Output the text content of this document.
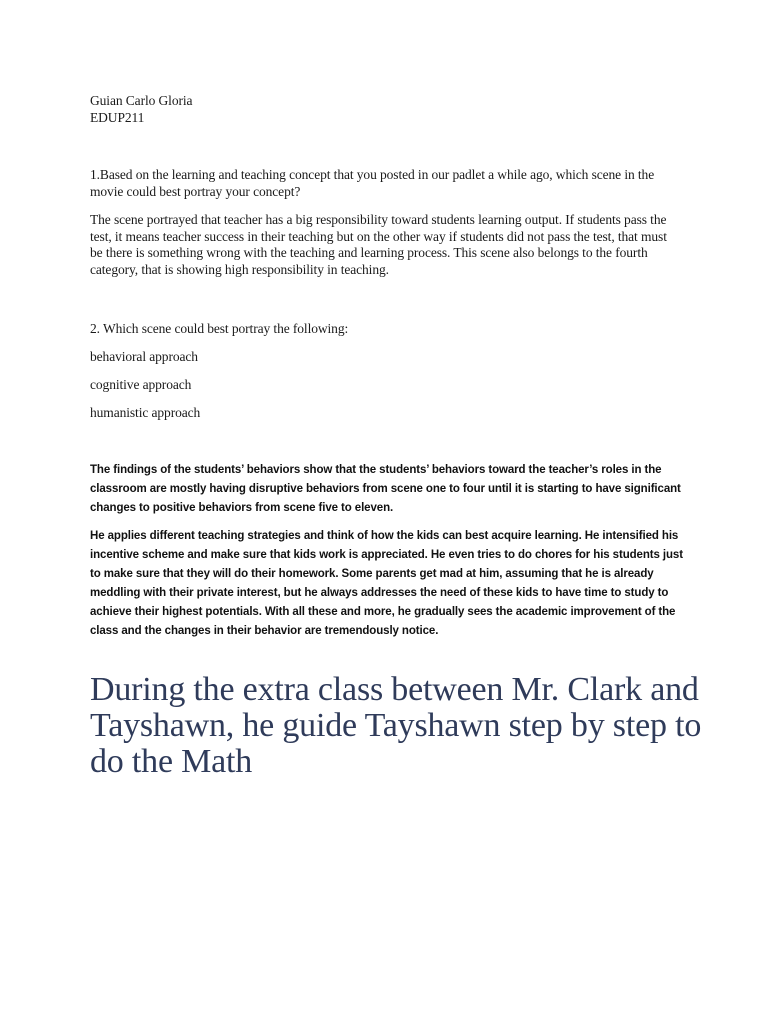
Guian Carlo Gloria

EDUP211

1.Based on the learning and teaching concept that you posted in our padlet a while ago, which scene in the movie could best portray your concept?

The scene portrayed that teacher has a big responsibility toward students learning output. If students pass the test, it means teacher success in their teaching but on the other way if students did not pass the test, that must be there is something wrong with the teaching and learning process. This scene also belongs to the fourth category, that is showing high responsibility in teaching.

2. Which scene could best portray the following:

behavioral approach

cognitive approach

humanistic approach

The findings of the students’ behaviors show that the students’ behaviors toward the teacher’s roles in the classroom are mostly having disruptive behaviors from scene one to four until it is starting to have significant changes to positive behaviors from scene five to eleven.

He applies different teaching strategies and think of how the kids can best acquire learning. He intensified his incentive scheme and make sure that kids work is appreciated. He even tries to do chores for his students just to make sure that they will do their homework. Some parents get mad at him, assuming that he is already meddling with their private interest, but he always addresses the need of these kids to have time to study to achieve their highest potentials. With all these and more, he gradually sees the academic improvement of the class and the changes in their behavior are tremendously notice.

During the extra class between Mr. Clark and
Tayshawn, he guide Tayshawn step by step to do the Math
